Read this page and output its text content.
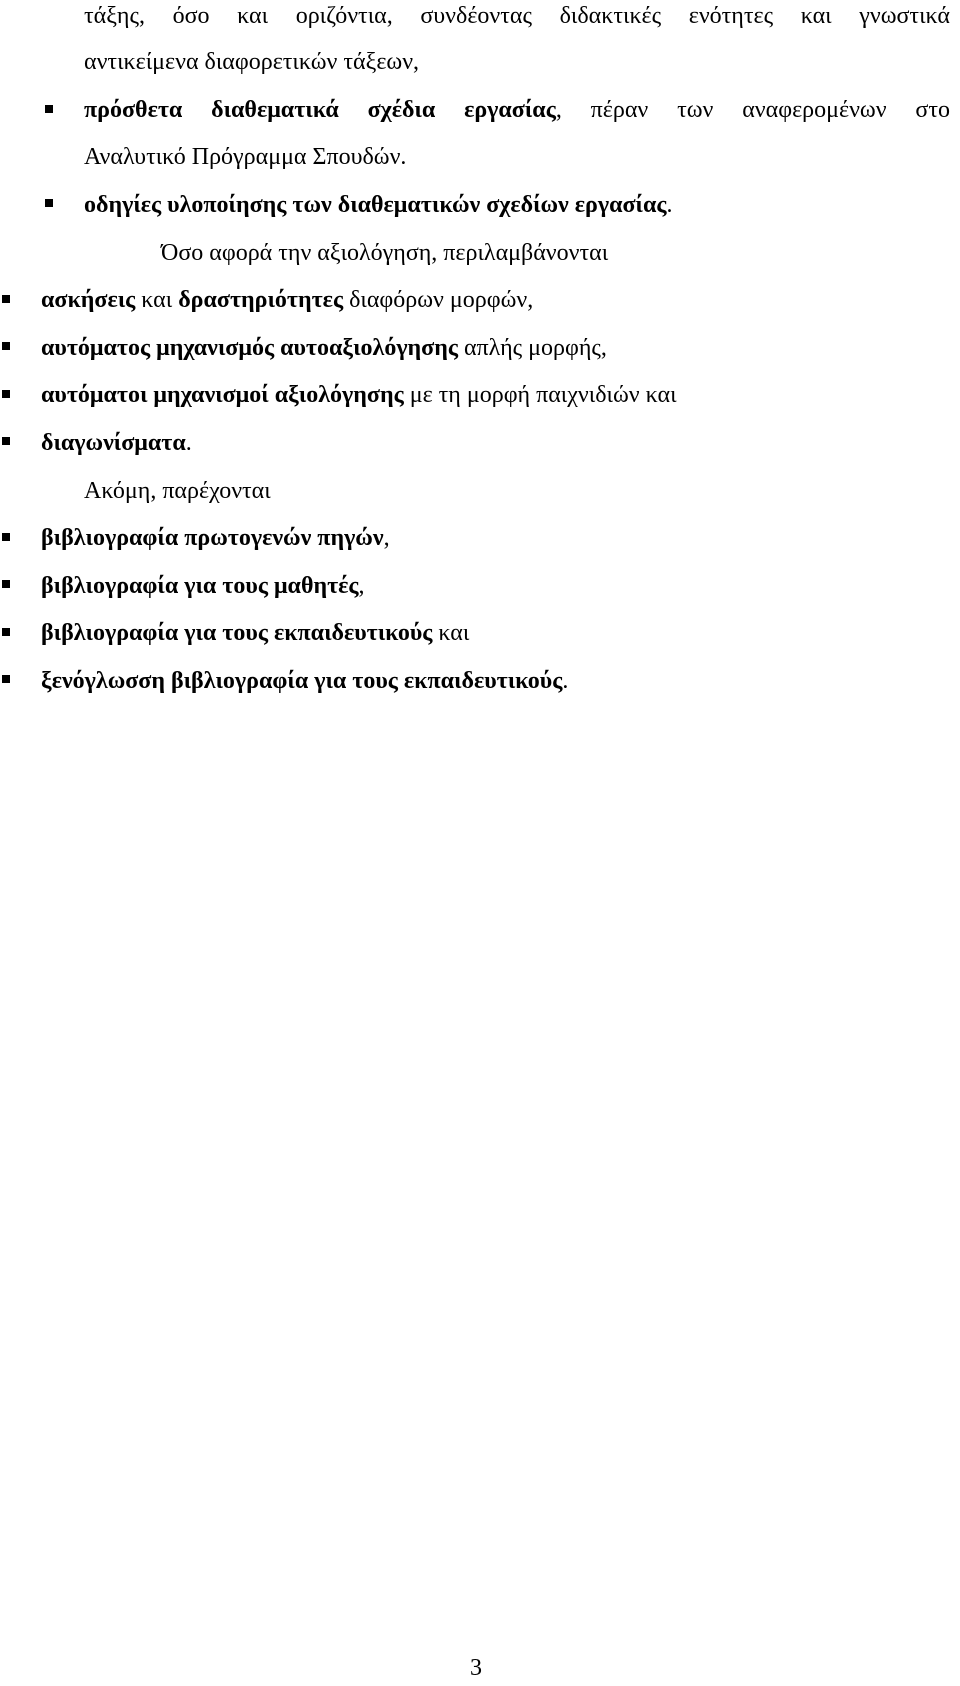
τάξης, όσο και οριζόντια, συνδέοντας διδακτικές ενότητες και γνωστικά
αντικείμενα διαφορετικών τάξεων,
πρόσθετα διαθεματικά σχέδια εργασίας, πέραν των αναφερομένων στο
Αναλυτικό Πρόγραμμα Σπουδών.
οδηγίες υλοποίησης των διαθεματικών σχεδίων εργασίας.
Όσο αφορά την αξιολόγηση, περιλαμβάνονται
ασκήσεις και δραστηριότητες διαφόρων μορφών,
αυτόματος μηχανισμός αυτοαξιολόγησης απλής μορφής,
αυτόματοι μηχανισμοί αξιολόγησης με τη μορφή παιχνιδιών και
διαγωνίσματα.
Ακόμη, παρέχονται
βιβλιογραφία πρωτογενών πηγών,
βιβλιογραφία για τους μαθητές,
βιβλιογραφία για τους εκπαιδευτικούς και
ξενόγλωσση βιβλιογραφία για τους εκπαιδευτικούς.
3
